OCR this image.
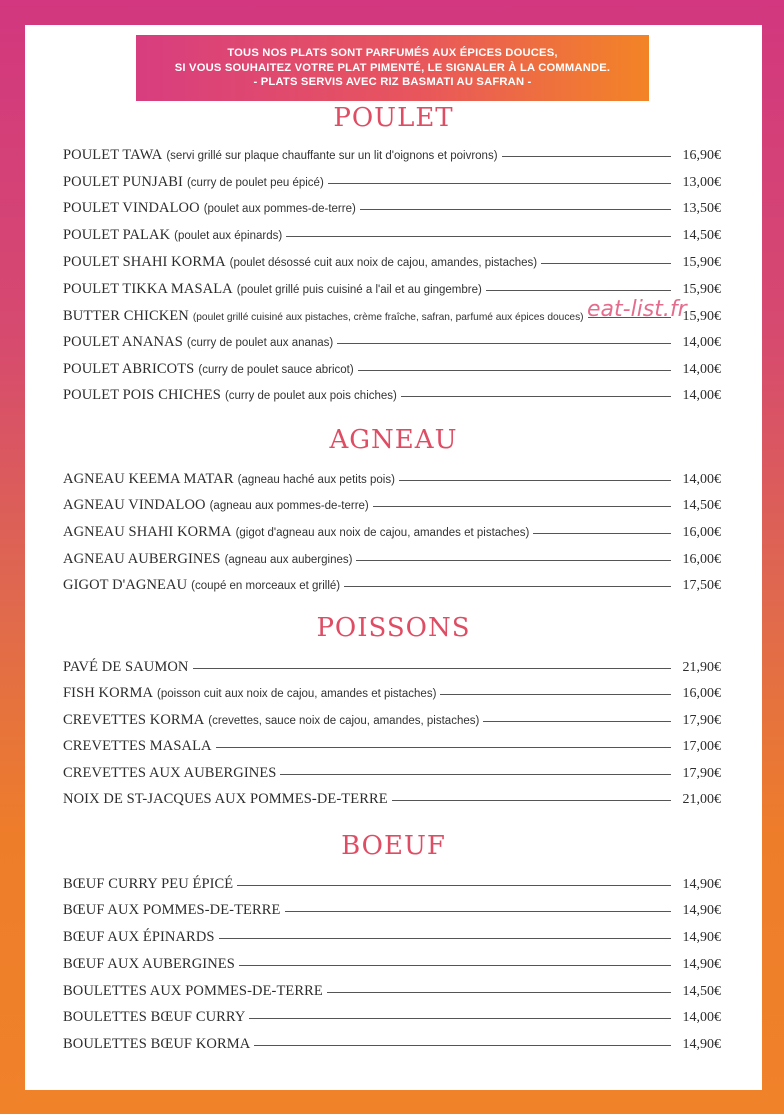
TOUS NOS PLATS SONT PARFUMÉS AUX ÉPICES DOUCES,
SI VOUS SOUHAITEZ VOTRE PLAT PIMENTÉ, LE SIGNALER À LA COMMANDE.
- PLATS SERVIS AVEC RIZ BASMATI AU SAFRAN -
POULET
POULET TAWA (servi grillé sur plaque chauffante sur un lit d'oignons et poivrons)	16,90€
POULET PUNJABI (curry de poulet peu épicé)	13,00€
POULET VINDALOO (poulet aux pommes-de-terre)	13,50€
POULET PALAK (poulet aux épinards)	14,50€
POULET SHAHI KORMA (poulet désossé cuit aux noix de cajou, amandes, pistaches)	15,90€
POULET TIKKA MASALA (poulet grillé puis cuisiné a l'ail et au gingembre)	15,90€
BUTTER CHICKEN (poulet grillé cuisiné aux pistaches, crème fraîche, safran, parfumé aux épices douces)	15,90€
POULET ANANAS (curry de poulet aux ananas)	14,00€
POULET ABRICOTS (curry de poulet sauce abricot)	14,00€
POULET POIS CHICHES (curry de poulet aux pois chiches)	14,00€
AGNEAU
AGNEAU KEEMA MATAR (agneau haché aux petits pois)	14,00€
AGNEAU VINDALOO (agneau aux pommes-de-terre)	14,50€
AGNEAU SHAHI KORMA (gigot d'agneau aux noix de cajou, amandes et pistaches)	16,00€
AGNEAU AUBERGINES (agneau aux aubergines)	16,00€
GIGOT D'AGNEAU (coupé en morceaux et grillé)	17,50€
POISSONS
PAVÉ DE SAUMON	21,90€
FISH KORMA (poisson cuit aux noix de cajou, amandes et pistaches)	16,00€
CREVETTES KORMA (crevettes, sauce noix de cajou, amandes, pistaches)	17,90€
CREVETTES MASALA	17,00€
CREVETTES AUX AUBERGINES	17,90€
NOIX DE ST-JACQUES AUX POMMES-DE-TERRE	21,00€
BOEUF
BŒUF CURRY PEU ÉPICÉ	14,90€
BŒUF AUX POMMES-DE-TERRE	14,90€
BŒUF AUX ÉPINARDS	14,90€
BŒUF AUX AUBERGINES	14,90€
BOULETTES AUX POMMES-DE-TERRE	14,50€
BOULETTES BŒUF CURRY	14,00€
BOULETTES BŒUF KORMA	14,90€
eat-list.fr
